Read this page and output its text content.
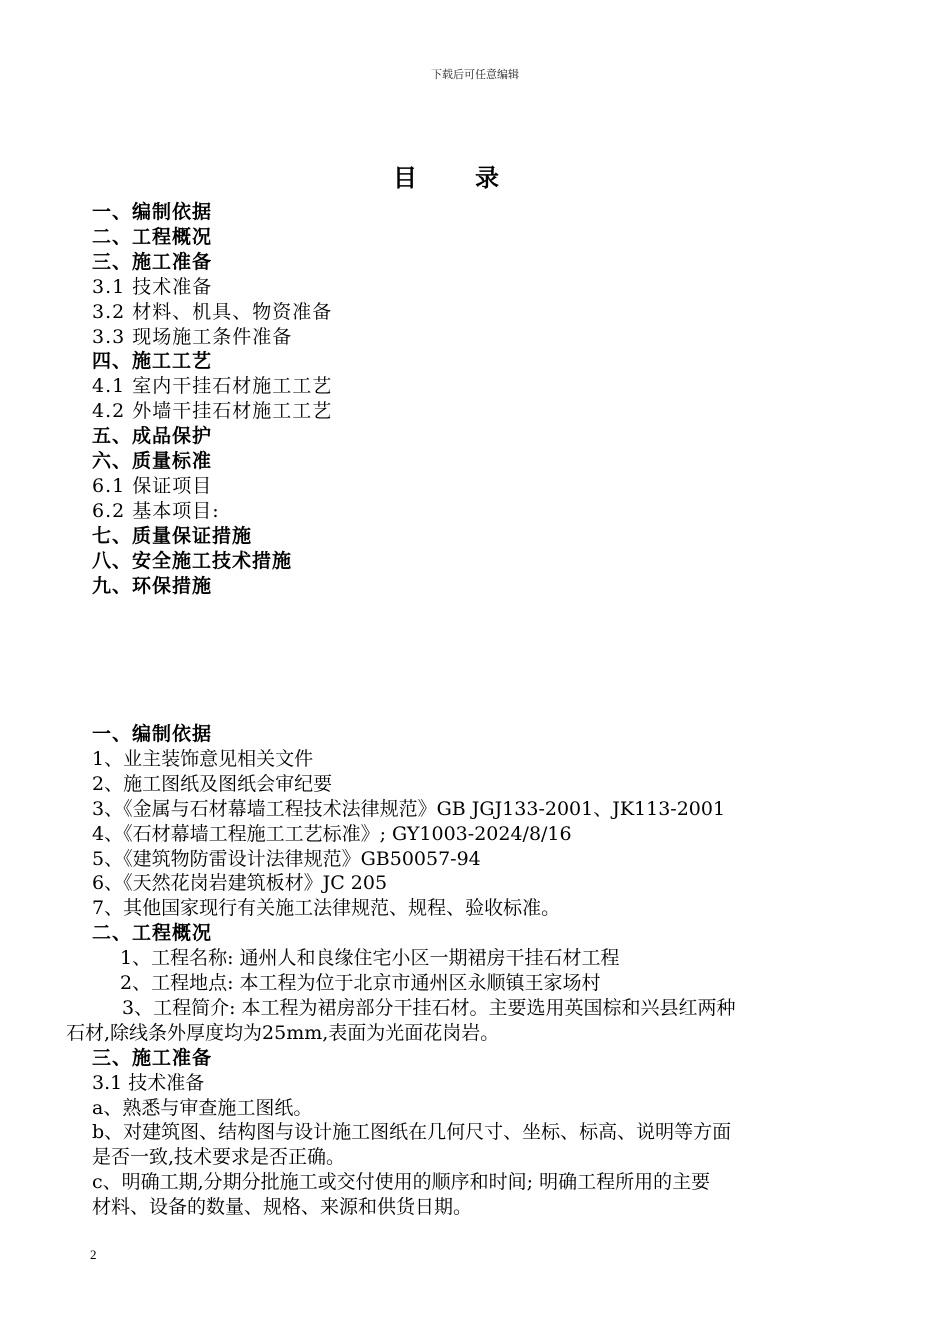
下载后可任意编辑
目录
一、编制依据
二、工程概况
三、施工准备
3.1 技术准备
3.2 材料、机具、物资准备
3.3 现场施工条件准备
四、施工工艺
4.1 室内干挂石材施工工艺
4.2 外墙干挂石材施工工艺
五、成品保护
六、质量标准
6.1 保证项目
6.2 基本项目:
七、质量保证措施
八、安全施工技术措施
九、环保措施
一、编制依据
1、业主装饰意见相关文件
2、施工图纸及图纸会审纪要
3、《金属与石材幕墙工程技术法律规范》GB JGJ133-2001、JK113-2001
4、《石材幕墙工程施工工艺标准》; GY1003-2024/8/16
5、《建筑物防雷设计法律规范》GB50057-94
6、《天然花岗岩建筑板材》JC 205
7、其他国家现行有关施工法律规范、规程、验收标准。
二、工程概况
1、工程名称: 通州人和良缘住宅小区一期裙房干挂石材工程
2、工程地点: 本工程为位于北京市通州区永顺镇王家场村
3、工程简介: 本工程为裙房部分干挂石材。主要选用英国棕和兴县红两种
石材,除线条外厚度均为25mm,表面为光面花岗岩。
三、施工准备
3.1 技术准备
a、熟悉与审查施工图纸。
b、对建筑图、结构图与设计施工图纸在几何尺寸、坐标、标高、说明等方面
是否一致,技术要求是否正确。
c、明确工期,分期分批施工或交付使用的顺序和时间; 明确工程所用的主要
材料、设备的数量、规格、来源和供货日期。
2
